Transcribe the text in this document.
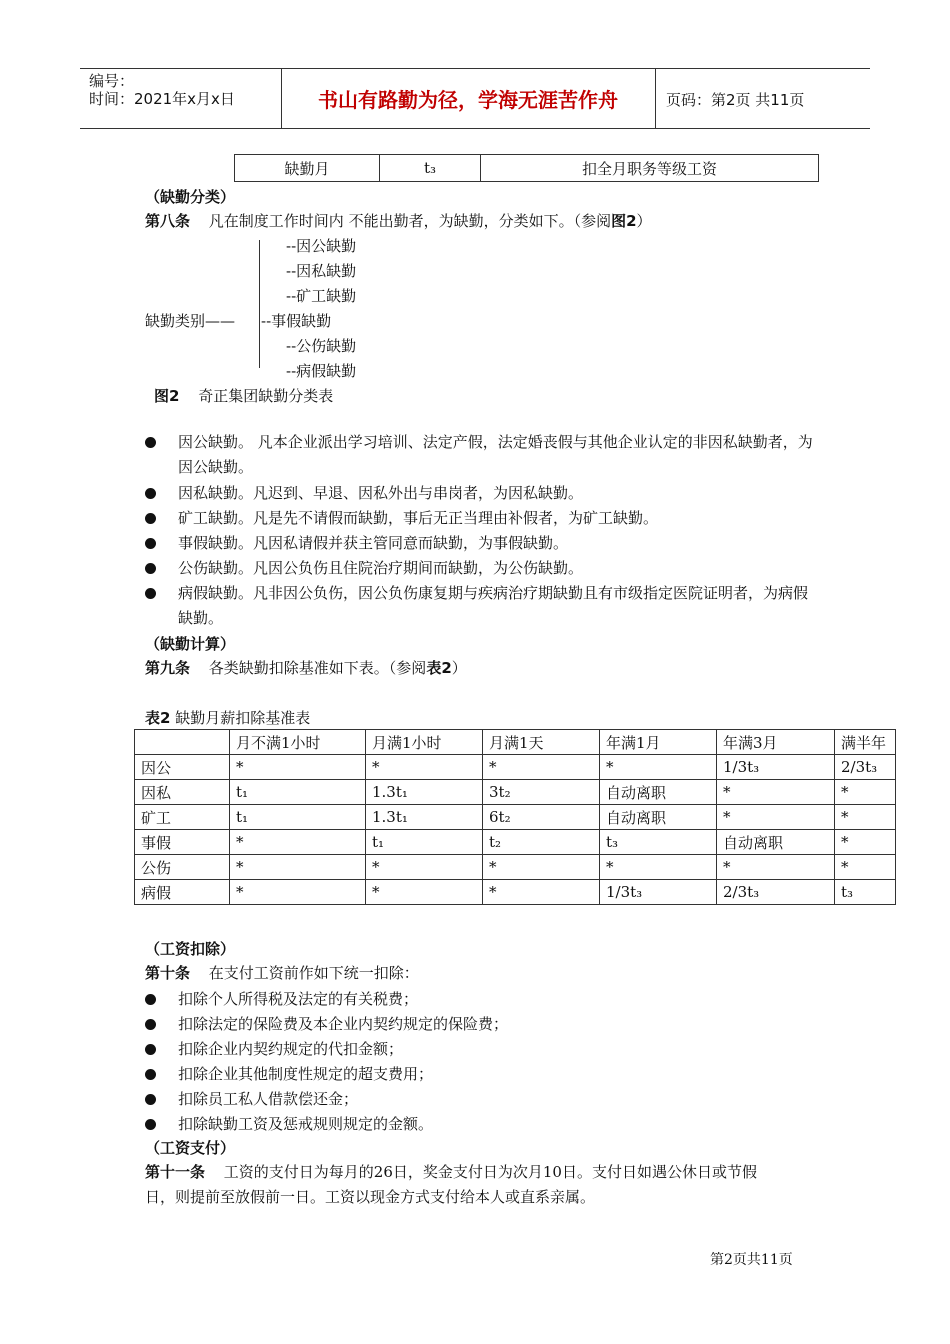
编号：
时间：2021年x月x日	书山有路勤为径，学海无涯苦作舟	页码：第2页 共11页
缺勤月	t₃	扣全月职务等级工资
（缺勤分类）
第八条 凡在制度工作时间内 不能出勤者，为缺勤，分类如下。（参阅图2）
--因公缺勤
--因私缺勤
--矿工缺勤
缺勤类别—— --事假缺勤
--公伤缺勤
--病假缺勤
图2 奇正集团缺勤分类表
因公缺勤。 凡本企业派出学习培训、法定产假，法定婚丧假与其他企业认定的非因私缺勤者，为因公缺勤。
因私缺勤。凡迟到、早退、因私外出与串岗者，为因私缺勤。
矿工缺勤。凡是先不请假而缺勤，事后无正当理由补假者，为矿工缺勤。
事假缺勤。凡因私请假并获主管同意而缺勤，为事假缺勤。
公伤缺勤。凡因公负伤且住院治疗期间而缺勤，为公伤缺勤。
病假缺勤。凡非因公负伤，因公负伤康复期与疾病治疗期缺勤且有市级指定医院证明者，为病假缺勤。
（缺勤计算）
第九条 各类缺勤扣除基准如下表。（参阅表2）
表2 缺勤月薪扣除基准表
	月不满1小时	月满1小时	月满1天	年满1月	年满3月	满半年
因公	*	*	*	*	1/3t₃	2/3t₃
因私	t₁	1.3t₁	3t₂	自动离职	*	*
矿工	t₁	1.3t₁	6t₂	自动离职	*	*
事假	*	t₁	t₂	t₃	自动离职	*
公伤	*	*	*	*	*	*
病假	*	*	*	1/3t₃	2/3t₃	t₃
（工资扣除）
第十条 在支付工资前作如下统一扣除：
扣除个人所得税及法定的有关税费；
扣除法定的保险费及本企业内契约规定的保险费；
扣除企业内契约规定的代扣金额；
扣除企业其他制度性规定的超支费用；
扣除员工私人借款偿还金；
扣除缺勤工资及惩戒规则规定的金额。
（工资支付）
第十一条 工资的支付日为每月的26日，奖金支付日为次月10日。支付日如遇公休日或节假
日，则提前至放假前一日。工资以现金方式支付给本人或直系亲属。
第2页共11页
